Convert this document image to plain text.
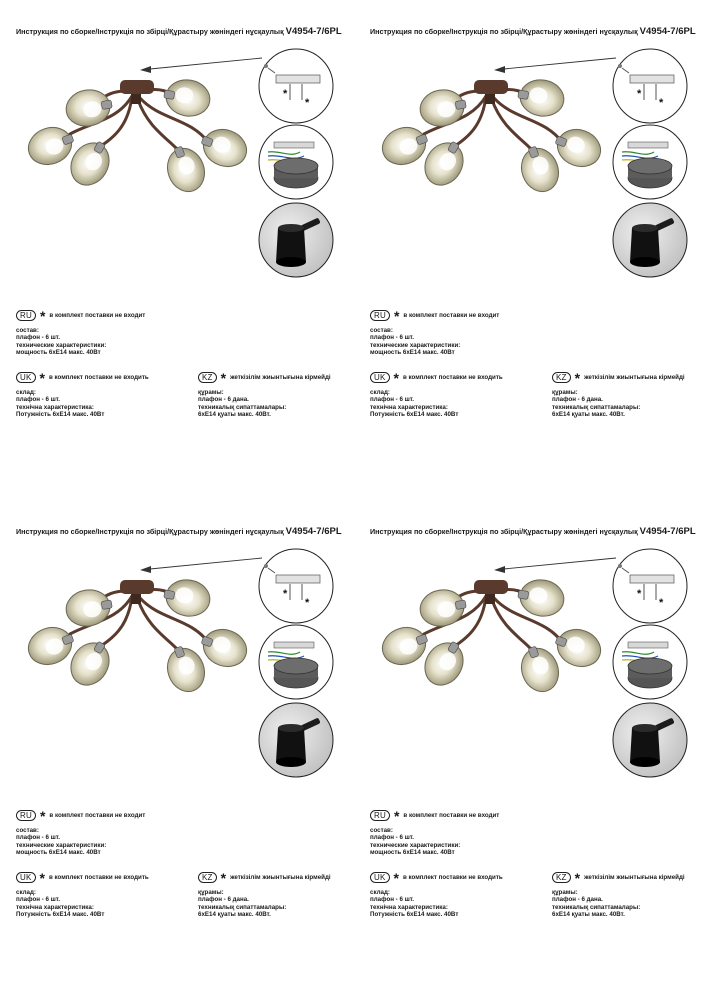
Инструкция по сборке/Інструкція по збірці/Құрастыру жөніндегі нұсқаулық V4954-7/6PL
*
*
RU * в комплект поставки не входит
состав:
плафон - 6 шт.
технические характеристики:
мощность 6хЕ14 макс. 40Вт
UK * в комплект поставки не входить
склад:
плафон - 6 шт.
технічна характеристика:
Потужність 6хЕ14 макс. 40Вт
KZ * жеткізілім жиынтығына кірмейді
құрамы:
плафон - 6 дана.
техникалық сипаттамалары:
6хЕ14 қуаты макс. 40Вт.
Инструкция по сборке/Інструкція по збірці/Құрастыру жөніндегі нұсқаулық V4954-7/6PL
*
*
RU * в комплект поставки не входит
состав:
плафон - 6 шт.
технические характеристики:
мощность 6хЕ14 макс. 40Вт
UK * в комплект поставки не входить
склад:
плафон - 6 шт.
технічна характеристика:
Потужність 6хЕ14 макс. 40Вт
KZ * жеткізілім жиынтығына кірмейді
құрамы:
плафон - 6 дана.
техникалық сипаттамалары:
6хЕ14 қуаты макс. 40Вт.
Инструкция по сборке/Інструкція по збірці/Құрастыру жөніндегі нұсқаулық V4954-7/6PL
*
*
RU * в комплект поставки не входит
состав:
плафон - 6 шт.
технические характеристики:
мощность 6хЕ14 макс. 40Вт
UK * в комплект поставки не входить
склад:
плафон - 6 шт.
технічна характеристика:
Потужність 6хЕ14 макс. 40Вт
KZ * жеткізілім жиынтығына кірмейді
құрамы:
плафон - 6 дана.
техникалық сипаттамалары:
6хЕ14 қуаты макс. 40Вт.
Инструкция по сборке/Інструкція по збірці/Құрастыру жөніндегі нұсқаулық V4954-7/6PL
*
*
RU * в комплект поставки не входит
состав:
плафон - 6 шт.
технические характеристики:
мощность 6хЕ14 макс. 40Вт
UK * в комплект поставки не входить
склад:
плафон - 6 шт.
технічна характеристика:
Потужність 6хЕ14 макс. 40Вт
KZ * жеткізілім жиынтығына кірмейді
құрамы:
плафон - 6 дана.
техникалық сипаттамалары:
6хЕ14 қуаты макс. 40Вт.
